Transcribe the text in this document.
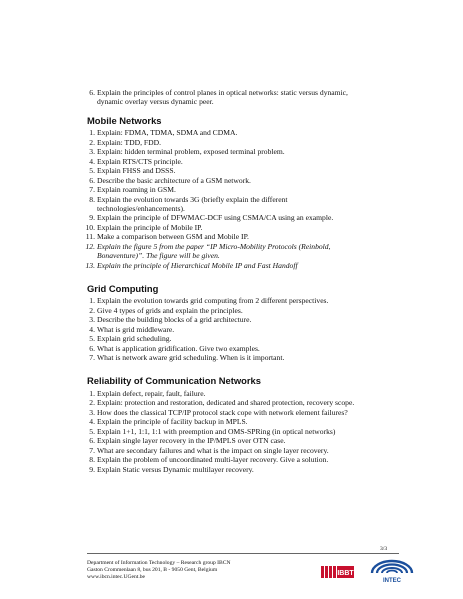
6. Explain the principles of control planes in optical networks: static versus dynamic,
dynamic overlay versus dynamic peer.
Mobile Networks
1. Explain: FDMA, TDMA, SDMA and CDMA.
2. Explain: TDD, FDD.
3. Explain: hidden terminal problem, exposed terminal problem.
4. Explain RTS/CTS principle.
5. Explain FHSS and DSSS.
6. Describe the basic architecture of a GSM network.
7. Explain roaming in GSM.
8. Explain the evolution towards 3G (briefly explain the different
technologies/enhancements).
9. Explain the principle of DFWMAC-DCF using CSMA/CA using an example.
10. Explain the principle of Mobile IP.
11. Make a comparison between GSM and Mobile IP.
12. Explain the figure 5 from the paper “IP Micro-Mobility Protocols (Reinbold,
Bonaventure)”. The figure will be given.
13. Explain the principle of Hierarchical Mobile IP and Fast Handoff
Grid Computing
1. Explain the evolution towards grid computing from 2 different perspectives.
2. Give 4 types of grids and explain the principles.
3. Describe the building blocks of a grid architecture.
4. What is grid middleware.
5. Explain grid scheduling.
6. What is application gridification. Give two examples.
7. What is network aware grid scheduling. When is it important.
Reliability of Communication Networks
1. Explain defect, repair, fault, failure.
2. Explain: protection and restoration, dedicated and shared protection, recovery scope.
3. How does the classical TCP/IP protocol stack cope with network element failures?
4. Explain the principle of facility backup in MPLS.
5. Explain 1+1, 1:1, 1:1 with preemption and OMS-SPRing (in optical networks)
6. Explain single layer recovery in the IP/MPLS over OTN case.
7. What are secondary failures and what is the impact on single layer recovery.
8. Explain the problem of uncoordinated multi-layer recovery. Give a solution.
9. Explain Static versus Dynamic multilayer recovery.
3/3
Department of Information Technology – Research group IBCN
Gaston Crommenlaan 8, bus 201, B - 9050 Gent, Belgium
www.ibcn.intec.UGent.be	IBBT
INTEC
